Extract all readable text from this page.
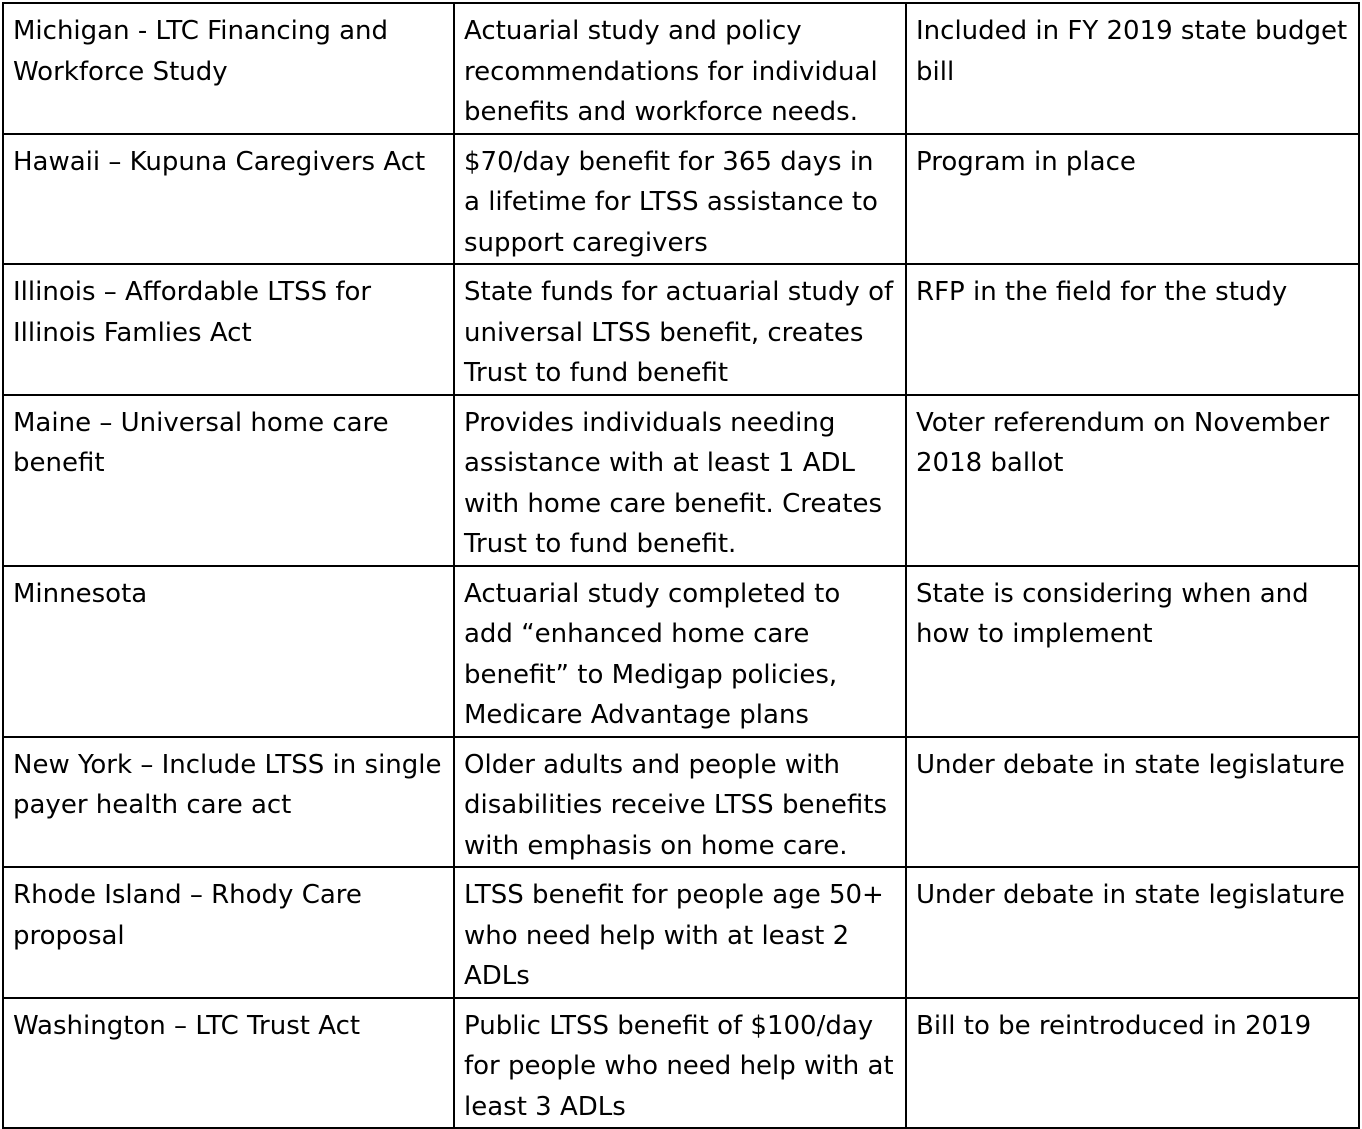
Michigan - LTC Financing and Workforce Study	Actuarial study and policy recommendations for individual benefits and workforce needs.	Included in FY 2019 state budget bill
Hawaii – Kupuna Caregivers Act	$70/day benefit for 365 days in a lifetime for LTSS assistance to support caregivers	Program in place
Illinois – Affordable LTSS for Illinois Famlies Act	State funds for actuarial study of universal LTSS benefit, creates Trust to fund benefit	RFP in the field for the study
Maine – Universal home care benefit	Provides individuals needing assistance with at least 1 ADL with home care benefit. Creates Trust to fund benefit.	Voter referendum on November 2018 ballot
Minnesota	Actuarial study completed to add “enhanced home care benefit” to Medigap policies, Medicare Advantage plans	State is considering when and how to implement
New York – Include LTSS in single payer health care act	Older adults and people with disabilities receive LTSS benefits with emphasis on home care.	Under debate in state legislature
Rhode Island – Rhody Care proposal	LTSS benefit for people age 50+ who need help with at least 2 ADLs	Under debate in state legislature
Washington – LTC Trust Act	Public LTSS benefit of $100/day for people who need help with at least 3 ADLs	Bill to be reintroduced in 2019
